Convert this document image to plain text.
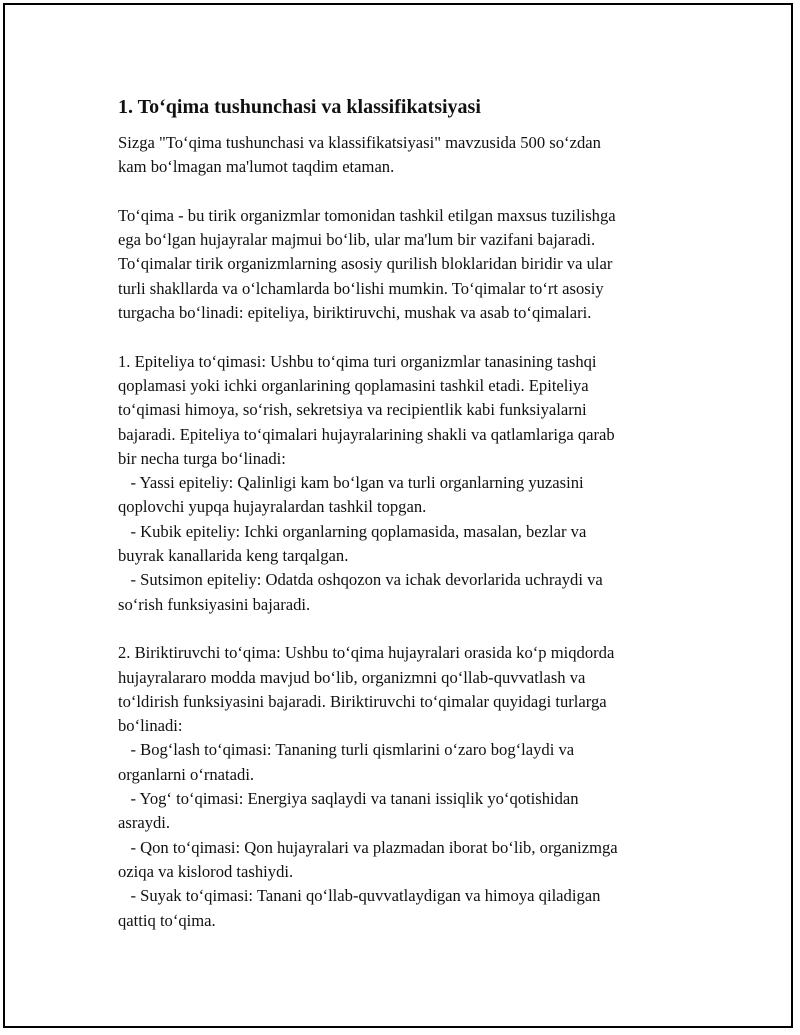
1. To‘qima tushunchasi va klassifikatsiyasi

Sizga "To‘qima tushunchasi va klassifikatsiyasi" mavzusida 500 so‘zdan

kam bo‘lmagan ma'lumot taqdim etaman.

To‘qima - bu tirik organizmlar tomonidan tashkil etilgan maxsus tuzilishga

ega bo‘lgan hujayralar majmui bo‘lib, ular ma'lum bir vazifani bajaradi.

To‘qimalar tirik organizmlarning asosiy qurilish bloklaridan biridir va ular

turli shakllarda va o‘lchamlarda bo‘lishi mumkin. To‘qimalar to‘rt asosiy

turgacha bo‘linadi: epiteliya, biriktiruvchi, mushak va asab to‘qimalari.

1. Epiteliya to‘qimasi: Ushbu to‘qima turi organizmlar tanasining tashqi

qoplamasi yoki ichki organlarining qoplamasini tashkil etadi. Epiteliya

to‘qimasi himoya, so‘rish, sekretsiya va recipientlik kabi funksiyalarni

bajaradi. Epiteliya to‘qimalari hujayralarining shakli va qatlamlariga qarab

bir necha turga bo‘linadi:

- Yassi epiteliy: Qalinligi kam bo‘lgan va turli organlarning yuzasini

qoplovchi yupqa hujayralardan tashkil topgan.

- Kubik epiteliy: Ichki organlarning qoplamasida, masalan, bezlar va

buyrak kanallarida keng tarqalgan.

- Sutsimon epiteliy: Odatda oshqozon va ichak devorlarida uchraydi va

so‘rish funksiyasini bajaradi.

2. Biriktiruvchi to‘qima: Ushbu to‘qima hujayralari orasida ko‘p miqdorda

hujayralararo modda mavjud bo‘lib, organizmni qo‘llab-quvvatlash va

to‘ldirish funksiyasini bajaradi. Biriktiruvchi to‘qimalar quyidagi turlarga

bo‘linadi:

- Bog‘lash to‘qimasi: Tananing turli qismlarini o‘zaro bog‘laydi va

organlarni o‘rnatadi.

- Yog‘ to‘qimasi: Energiya saqlaydi va tanani issiqlik yo‘qotishidan

asraydi.

- Qon to‘qimasi: Qon hujayralari va plazmadan iborat bo‘lib, organizmga

oziqa va kislorod tashiydi.

- Suyak to‘qimasi: Tanani qo‘llab-quvvatlaydigan va himoya qiladigan

qattiq to‘qima.
